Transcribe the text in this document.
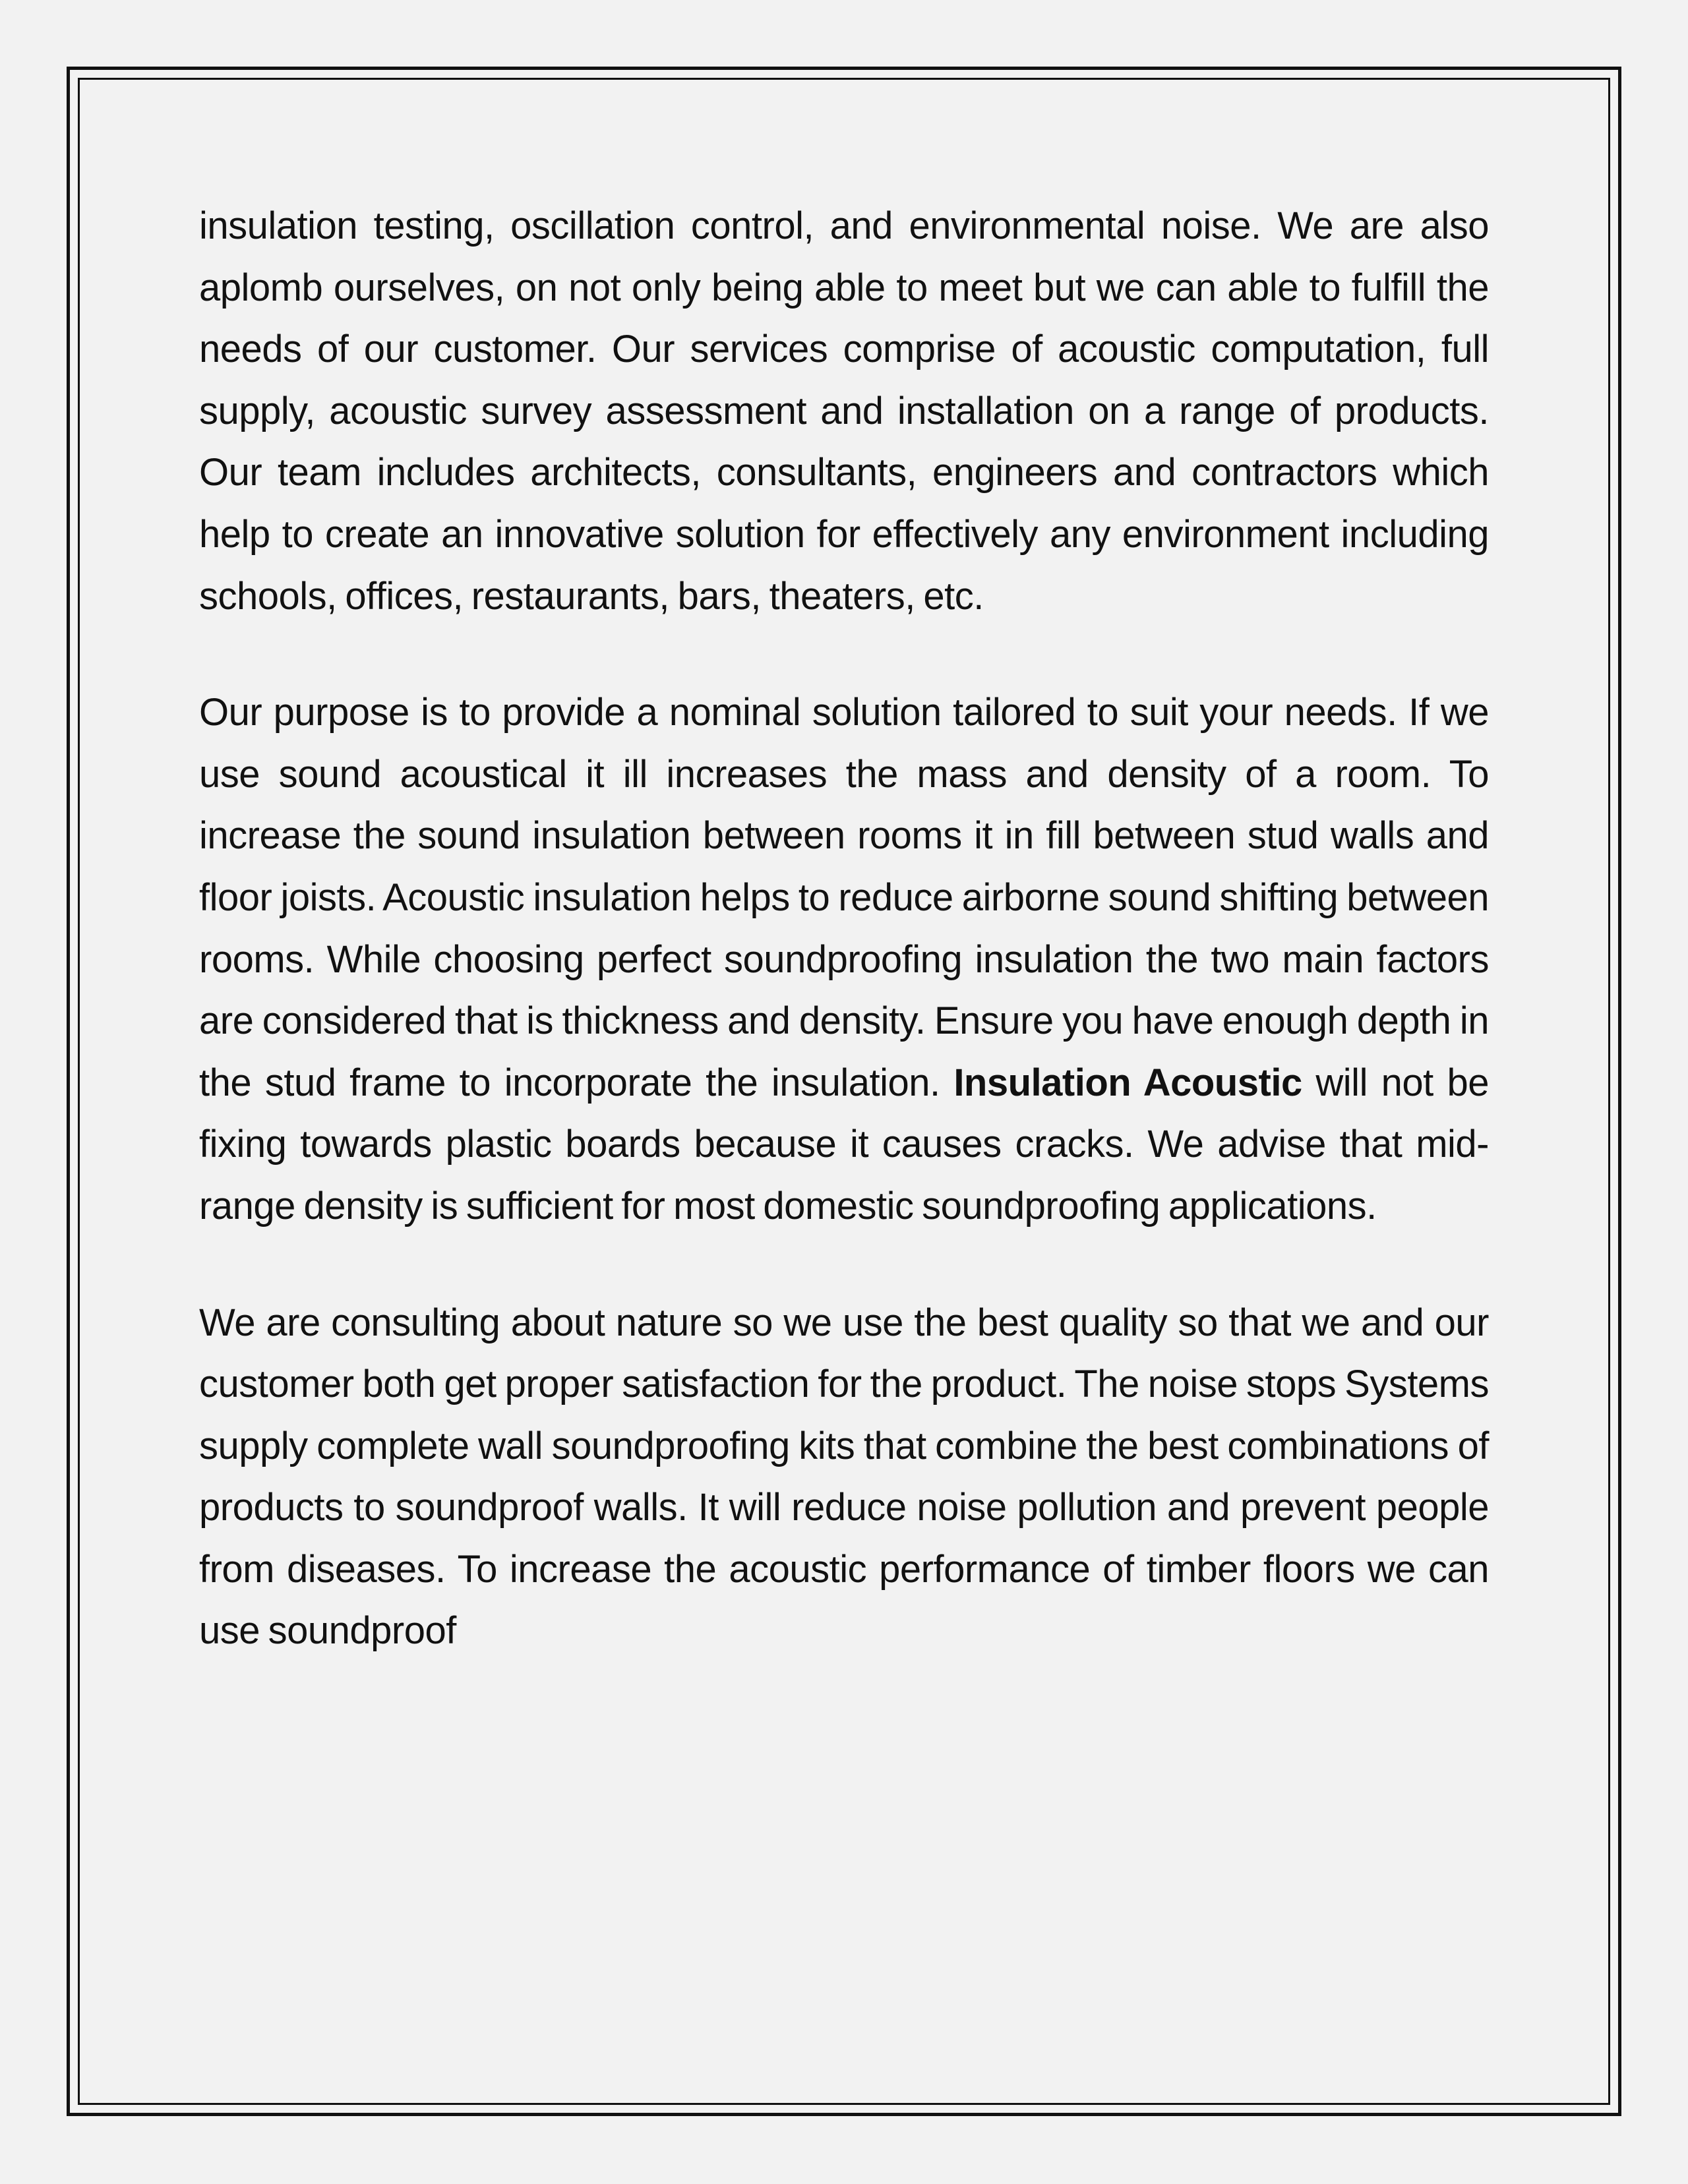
insulation testing, oscillation control, and environmental noise. We are also aplomb ourselves, on not only being able to meet but we can able to fulfill the needs of our customer. Our services comprise of acoustic computation, full supply, acoustic survey assessment and installation on a range of products. Our team includes architects, consultants, engineers and contractors which help to create an innovative solution for effectively any environment including schools, offices, restaurants, bars, theaters, etc.

Our purpose is to provide a nominal solution tailored to suit your needs. If we use sound acoustical it ill increases the mass and density of a room. To increase the sound insulation between rooms it in fill between stud walls and floor joists. Acoustic insulation helps to reduce airborne sound shifting between rooms. While choosing perfect soundproofing insulation the two main factors are considered that is thickness and density. Ensure you have enough depth in the stud frame to incorporate the insulation. Insulation Acoustic will not be fixing towards plastic boards because it causes cracks. We advise that mid-range density is sufficient for most domestic soundproofing applications.

We are consulting about nature so we use the best quality so that we and our customer both get proper satisfaction for the product. The noise stops Systems supply complete wall soundproofing kits that combine the best combinations of products to soundproof walls. It will reduce noise pollution and prevent people from diseases. To increase the acoustic performance of timber floors we can use soundproof
